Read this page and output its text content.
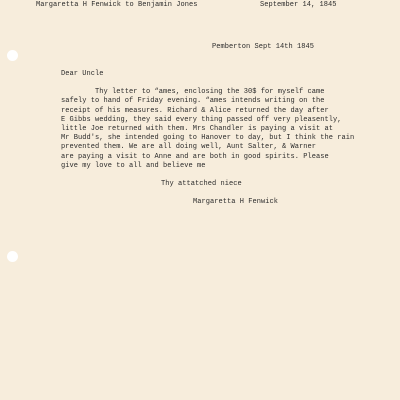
Margaretta H Fenwick to Benjamin Jones	September 14, 1845
Pemberton Sept 14th 1845
Dear Uncle
Thy letter to “ames, enclosing the 30$ for myself came
safely to hand of Friday evening. “ames intends writing on the
receipt of his measures. Richard & Alice returned the day after
E Gibbs wedding, they said every thing passed off very pleasently,
little Joe returned with them. Mrs Chandler is paying a visit at
Mr Budd's, she intended going to Hanover to day, but I think the rain
prevented them. We are all doing well, Aunt Salter, & Warner
are paying a visit to Anne and are both in good spirits. Please
give my love to all and believe me
Thy attatched niece
Margaretta H Fenwick
